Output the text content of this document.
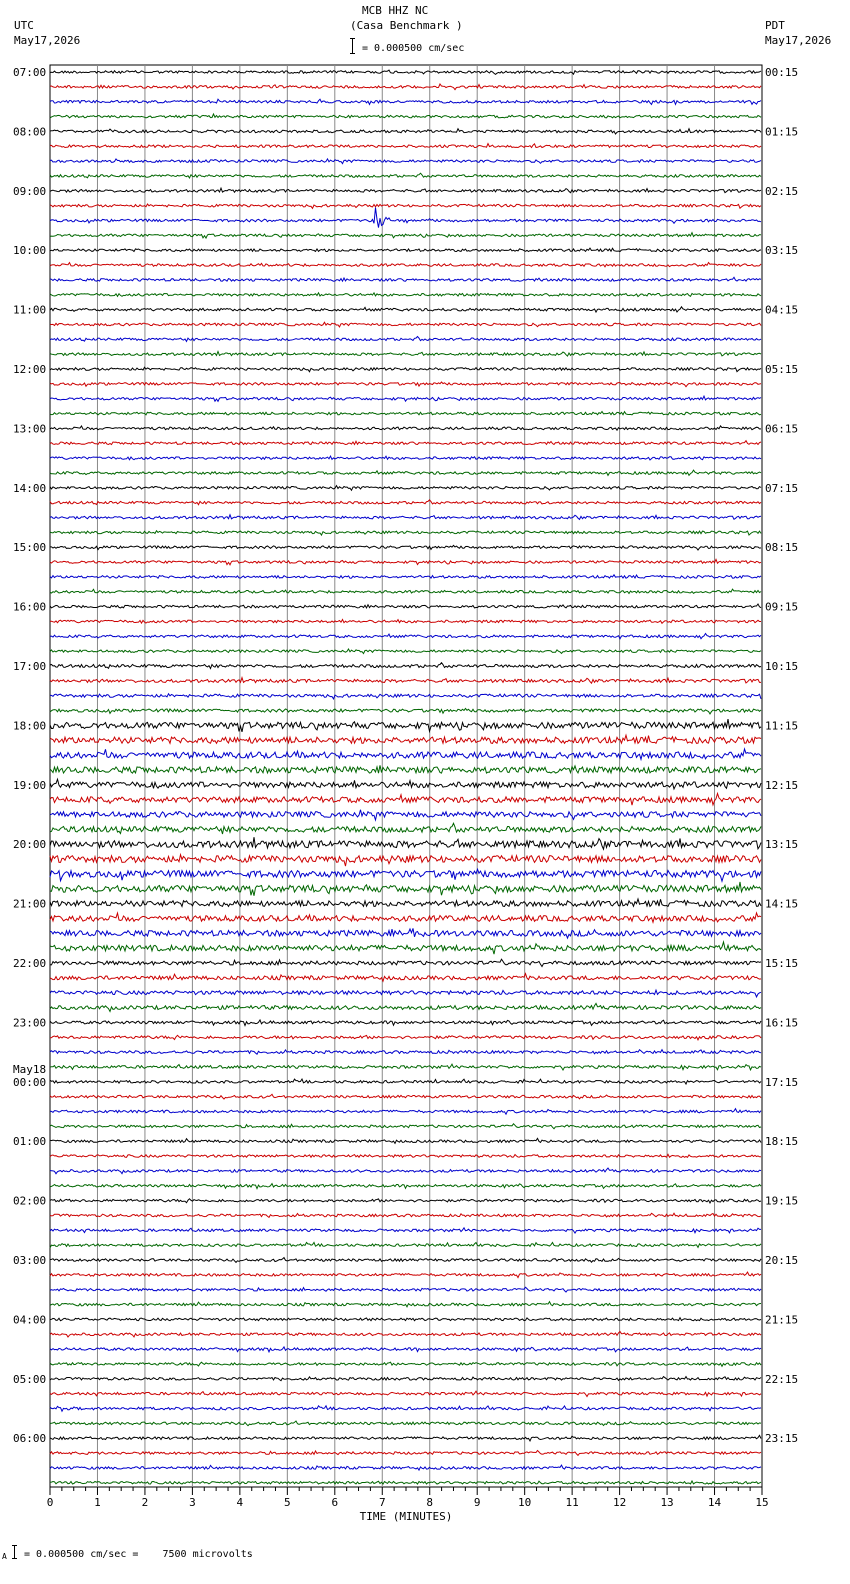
MCB HHZ NC
(Casa Benchmark )
= 0.000500 cm/sec
UTC
May17,2026
PDT
May17,2026
07:00
08:00
09:00
10:00
11:00
12:00
13:00
14:00
15:00
16:00
17:00
18:00
19:00
20:00
21:00
22:00
23:00
00:00
May18
01:00
02:00
03:00
04:00
05:00
06:00
00:15
01:15
02:15
03:15
04:15
05:15
06:15
07:15
08:15
09:15
10:15
11:15
12:15
13:15
14:15
15:15
16:15
17:15
18:15
19:15
20:15
21:15
22:15
23:15
0	1	2	3	4	5	6	7	8	9	10	11	12	13	14	15
TIME (MINUTES)
A = 0.000500 cm/sec =    7500 microvolts
